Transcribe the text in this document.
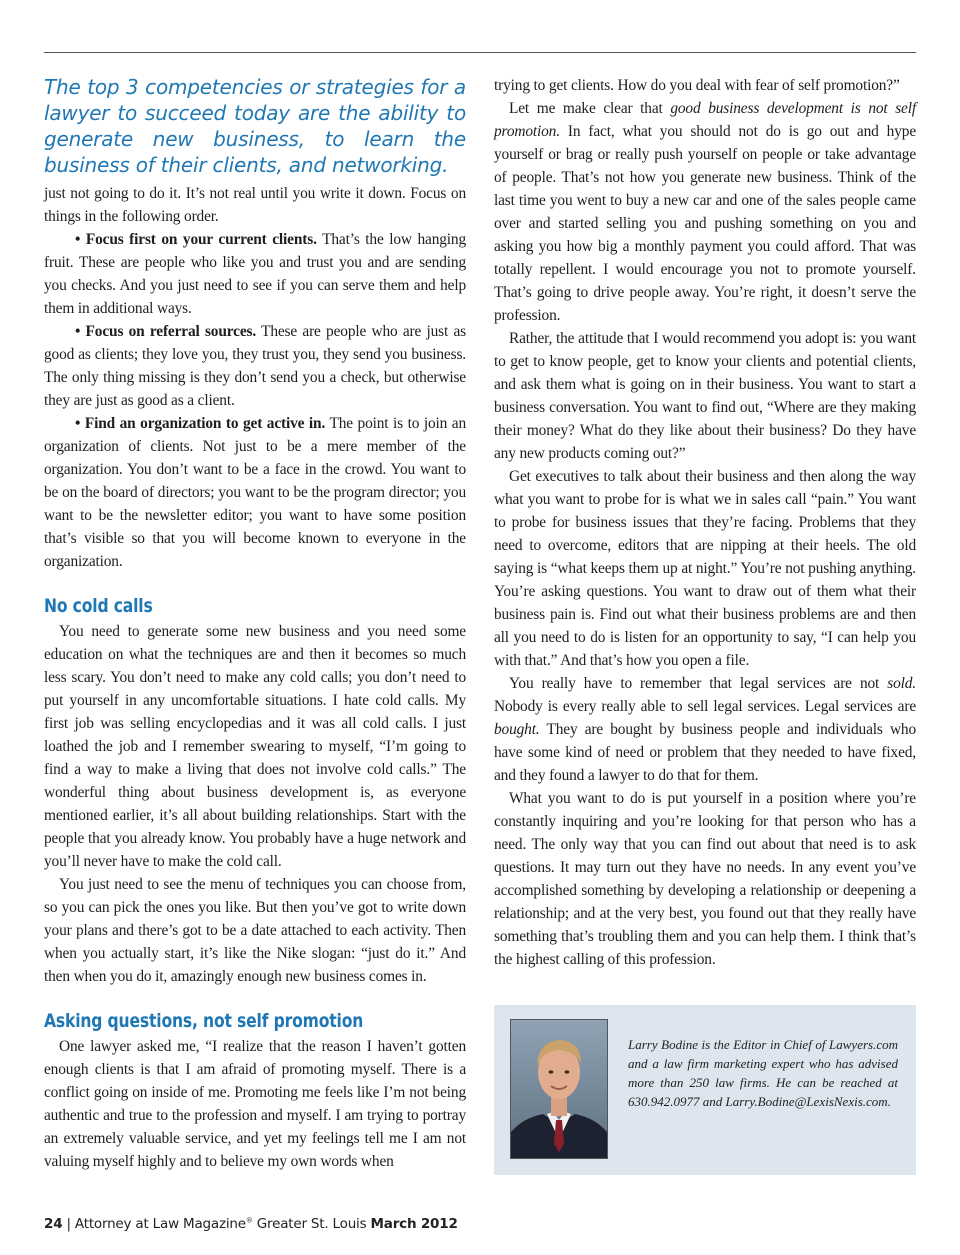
The top 3 competencies or strategies for a lawyer to succeed today are the ability to generate new business, to learn the business of their clients, and networking.

just not going to do it. It’s not real until you write it down. Focus on things in the following order.

• Focus first on your current clients. That’s the low hanging fruit. These are people who like you and trust you and are sending you checks. And you just need to see if you can serve them and help them in additional ways.

• Focus on referral sources. These are people who are just as good as clients; they love you, they trust you, they send you business. The only thing missing is they don’t send you a check, but otherwise they are just as good as a client.

• Find an organization to get active in. The point is to join an organization of clients. Not just to be a mere member of the organization. You don’t want to be a face in the crowd. You want to be on the board of directors; you want to be the program director; you want to be the newsletter editor; you want to have some position that’s visible so that you will become known to everyone in the organization.

No cold calls

You need to generate some new business and you need some education on what the techniques are and then it becomes so much less scary. You don’t need to make any cold calls; you don’t need to put yourself in any uncomfortable situations. I hate cold calls. My first job was selling encyclopedias and it was all cold calls. I just loathed the job and I remember swearing to myself, “I’m going to find a way to make a living that does not involve cold calls.” The wonderful thing about business development is, as everyone mentioned earlier, it’s all about building relationships. Start with the people that you already know. You probably have a huge network and you’ll never have to make the cold call.

You just need to see the menu of techniques you can choose from, so you can pick the ones you like. But then you’ve got to write down your plans and there’s got to be a date attached to each activity. Then when you actually start, it’s like the Nike slogan: “just do it.” And then when you do it, amazingly enough new business comes in.

Asking questions, not self promotion

One lawyer asked me, “I realize that the reason I haven’t gotten enough clients is that I am afraid of promoting myself. There is a conflict going on inside of me. Promoting me feels like I’m not being authentic and true to the profession and myself. I am trying to portray an extremely valuable service, and yet my feelings tell me I am not valuing myself highly and to believe my own words when

trying to get clients. How do you deal with fear of self promotion?”

Let me make clear that good business development is not self promotion. In fact, what you should not do is go out and hype yourself or brag or really push yourself on people or take advantage of people. That’s not how you generate new business. Think of the last time you went to buy a new car and one of the sales people came over and started selling you and pushing something on you and asking you how big a monthly payment you could afford. That was totally repellent. I would encourage you not to promote yourself. That’s going to drive people away. You’re right, it doesn’t serve the profession.

Rather, the attitude that I would recommend you adopt is: you want to get to know people, get to know your clients and potential clients, and ask them what is going on in their business. You want to start a business conversation. You want to find out, “Where are they making their money? What do they like about their business? Do they have any new products coming out?”

Get executives to talk about their business and then along the way what you want to probe for is what we in sales call “pain.” You want to probe for business issues that they’re facing. Problems that they need to overcome, editors that are nipping at their heels. The old saying is “what keeps them up at night.” You’re not pushing anything. You’re asking questions. You want to draw out of them what their business pain is. Find out what their business problems are and then all you need to do is listen for an opportunity to say, “I can help you with that.” And that’s how you open a file.

You really have to remember that legal services are not sold. Nobody is every really able to sell legal services. Legal services are bought. They are bought by business people and individuals who have some kind of need or problem that they needed to have fixed, and they found a lawyer to do that for them.

What you want to do is put yourself in a position where you’re constantly inquiring and you’re looking for that person who has a need. The only way that you can find out about that need is to ask questions. It may turn out they have no needs. In any event you’ve accomplished something by developing a relationship or deepening a relationship; and at the very best, you found out that they really have something that’s troubling them and you can help them. I think that’s the highest calling of this profession.

Larry Bodine is the Editor in Chief of Lawyers.com and a law firm marketing expert who has advised more than 250 law firms. He can be reached at 630.942.0977 and Larry.Bodine@LexisNexis.com.
24 | Attorney at Law Magazine® Greater St. Louis March 2012
